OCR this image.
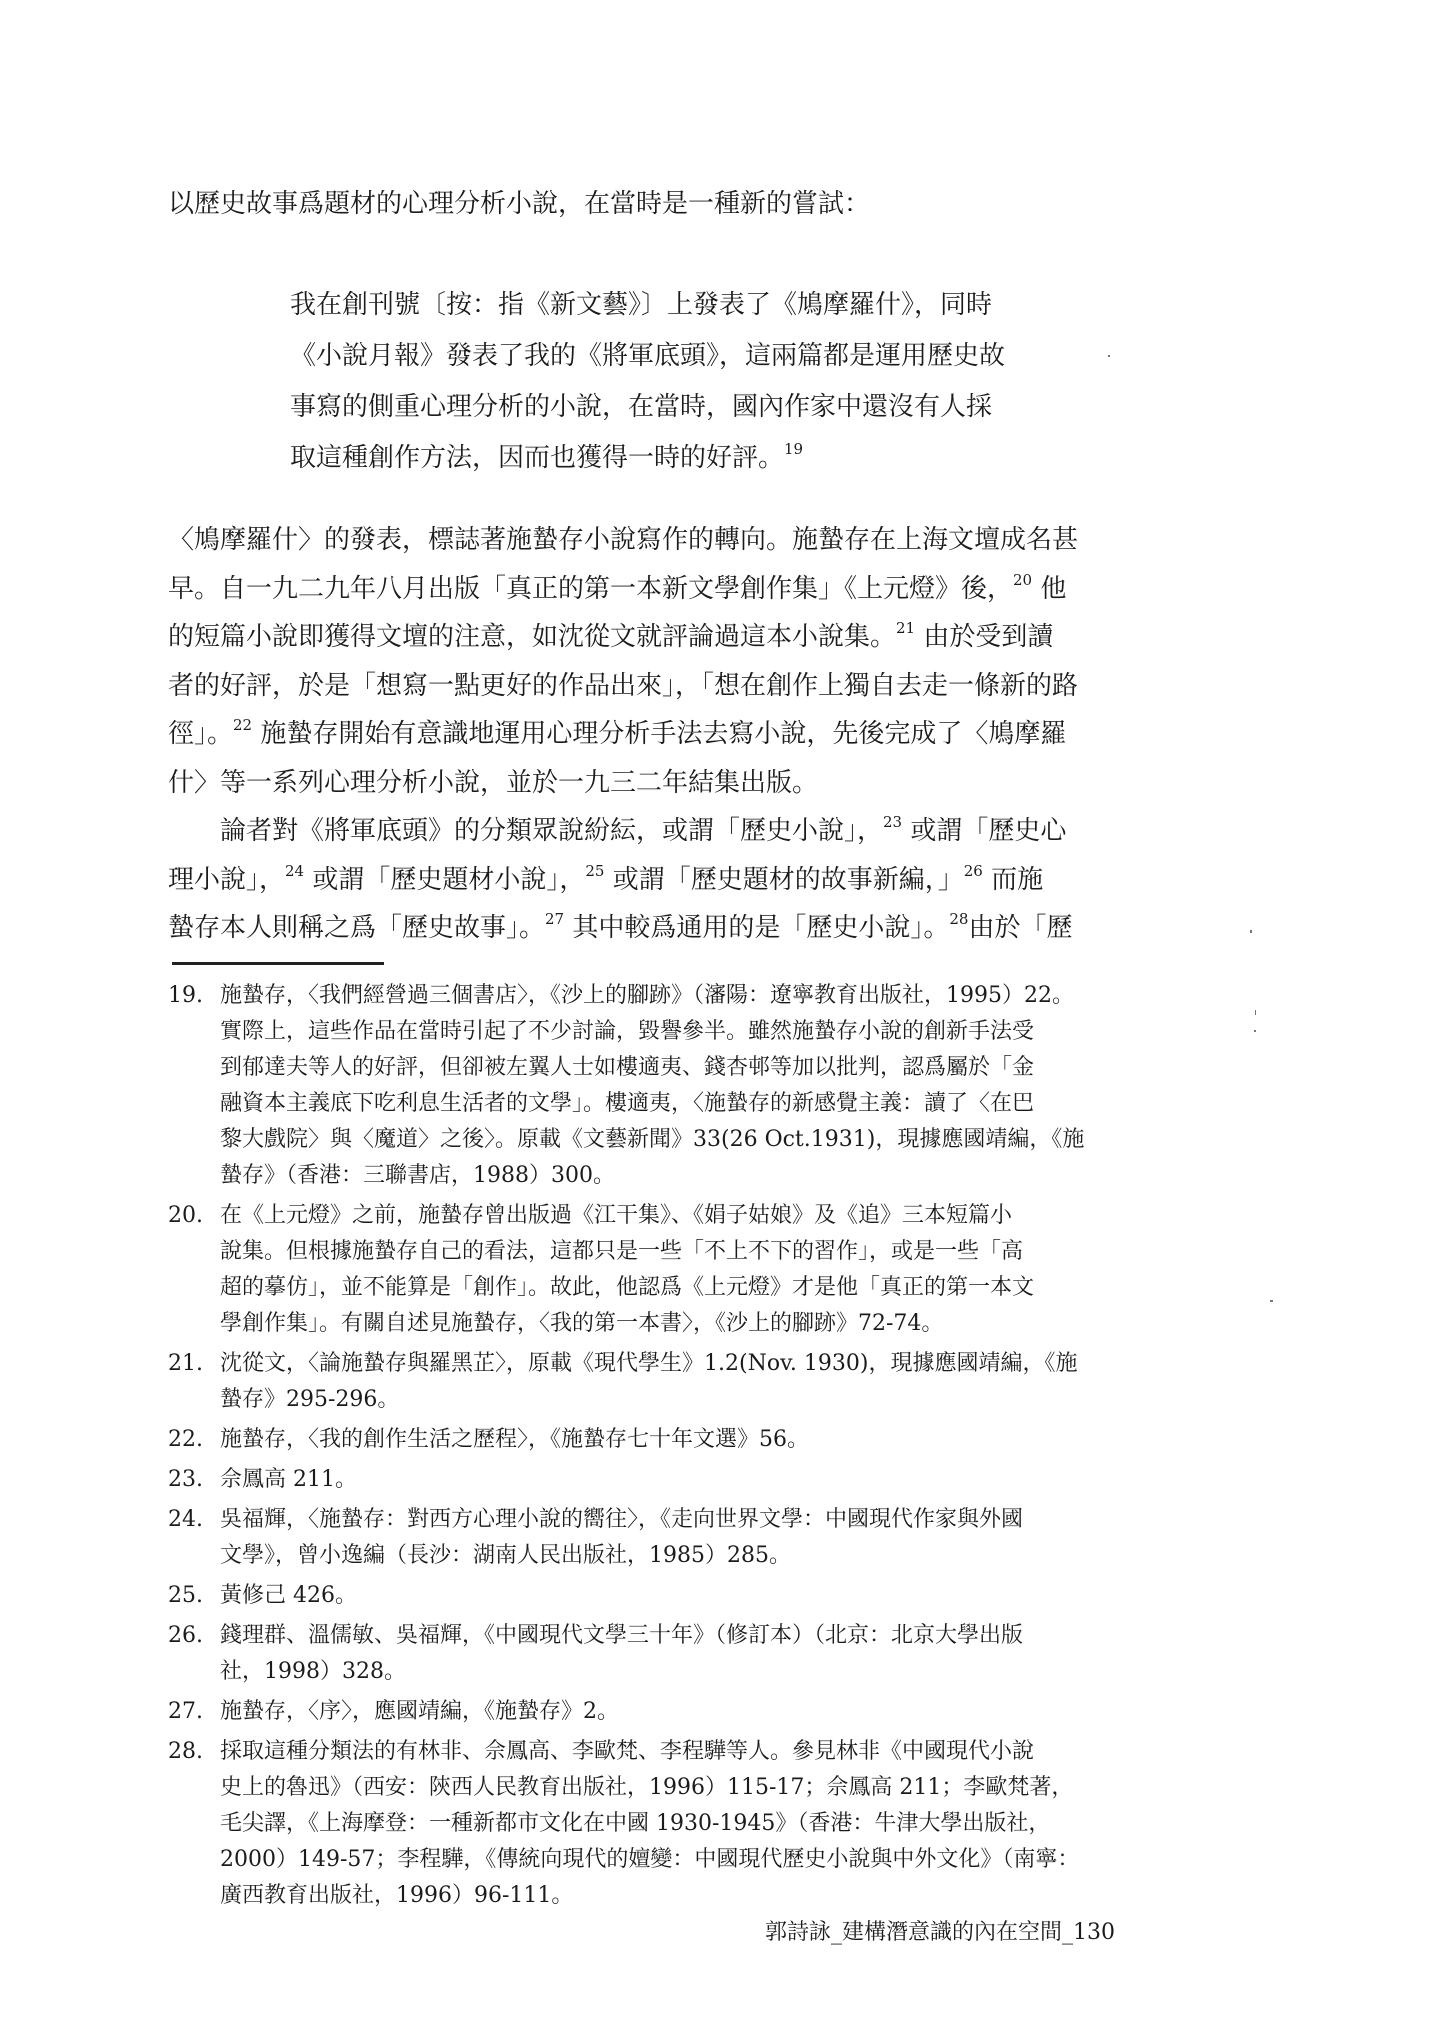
以歷史故事爲題材的心理分析小說，在當時是一種新的嘗試：

我在創刊號〔按：指《新文藝》〕上發表了《鳩摩羅什》，同時

《小說月報》發表了我的《將軍底頭》，這兩篇都是運用歷史故

事寫的側重心理分析的小說，在當時，國內作家中還沒有人採

取這種創作方法，因而也獲得一時的好評。$^{19}$

〈鳩摩羅什〉的發表，標誌著施蟄存小說寫作的轉向。施蟄存在上海文壇成名甚

早。自一九二九年八月出版「真正的第一本新文學創作集」《上元燈》後，$^{20}$ 他

的短篇小說即獲得文壇的注意，如沈從文就評論過這本小說集。$^{21}$ 由於受到讀

者的好評，於是「想寫一點更好的作品出來」，「想在創作上獨自去走一條新的路

徑」。$^{22}$ 施蟄存開始有意識地運用心理分析手法去寫小說，先後完成了〈鳩摩羅

什〉等一系列心理分析小說，並於一九三二年結集出版。

論者對《將軍底頭》的分類眾說紛紜，或謂「歷史小說」，$^{23}$ 或謂「歷史心

理小說」，$^{24}$ 或謂「歷史題材小說」，$^{25}$ 或謂「歷史題材的故事新編，」$^{26}$ 而施

蟄存本人則稱之爲「歷史故事」。$^{27}$ 其中較爲通用的是「歷史小說」。$^{28}$由於「歷

19. 施蟄存，〈我們經營過三個書店〉，《沙上的腳跡》（瀋陽：遼寧教育出版社，1995）22。
實際上，這些作品在當時引起了不少討論，毀譽參半。雖然施蟄存小說的創新手法受
到郁達夫等人的好評，但卻被左翼人士如樓適夷、錢杏邨等加以批判，認爲屬於「金
融資本主義底下吃利息生活者的文學」。樓適夷，〈施蟄存的新感覺主義：讀了〈在巴
黎大戲院〉與〈魔道〉之後〉。原載《文藝新聞》33(26 Oct.1931)，現據應國靖編，《施
蟄存》（香港：三聯書店，1988）300。
20. 在《上元燈》之前，施蟄存曾出版過《江干集》、《娟子姑娘》及《追》三本短篇小
說集。但根據施蟄存自己的看法，這都只是一些「不上不下的習作」，或是一些「高
超的摹仿」，並不能算是「創作」。故此，他認爲《上元燈》才是他「真正的第一本文
學創作集」。有關自述見施蟄存，〈我的第一本書〉，《沙上的腳跡》72-74。
21. 沈從文，〈論施蟄存與羅黑芷〉，原載《現代學生》1.2(Nov. 1930)，現據應國靖編，《施
蟄存》295-296。
22. 施蟄存，〈我的創作生活之歷程〉，《施蟄存七十年文選》56。
23. 佘鳳高 211。
24. 吳福輝，〈施蟄存：對西方心理小說的嚮往〉，《走向世界文學：中國現代作家與外國
文學》，曾小逸編（長沙：湖南人民出版社，1985）285。
25. 黃修己 426。
26. 錢理群、溫儒敏、吳福輝，《中國現代文學三十年》（修訂本）（北京：北京大學出版
社，1998）328。
27. 施蟄存，〈序〉，應國靖編，《施蟄存》2。
28. 採取這種分類法的有林非、佘鳳高、李歐梵、李程驊等人。參見林非《中國現代小說
史上的魯迅》（西安：陝西人民教育出版社，1996）115-17；佘鳳高 211；李歐梵著，
毛尖譯，《上海摩登：一種新都市文化在中國 1930-1945》（香港：牛津大學出版社，
2000）149-57；李程驊，《傳統向現代的嬗變：中國現代歷史小說與中外文化》（南寧：
廣西教育出版社，1996）96-111。
郭詩詠_建構潛意識的內在空間_130
